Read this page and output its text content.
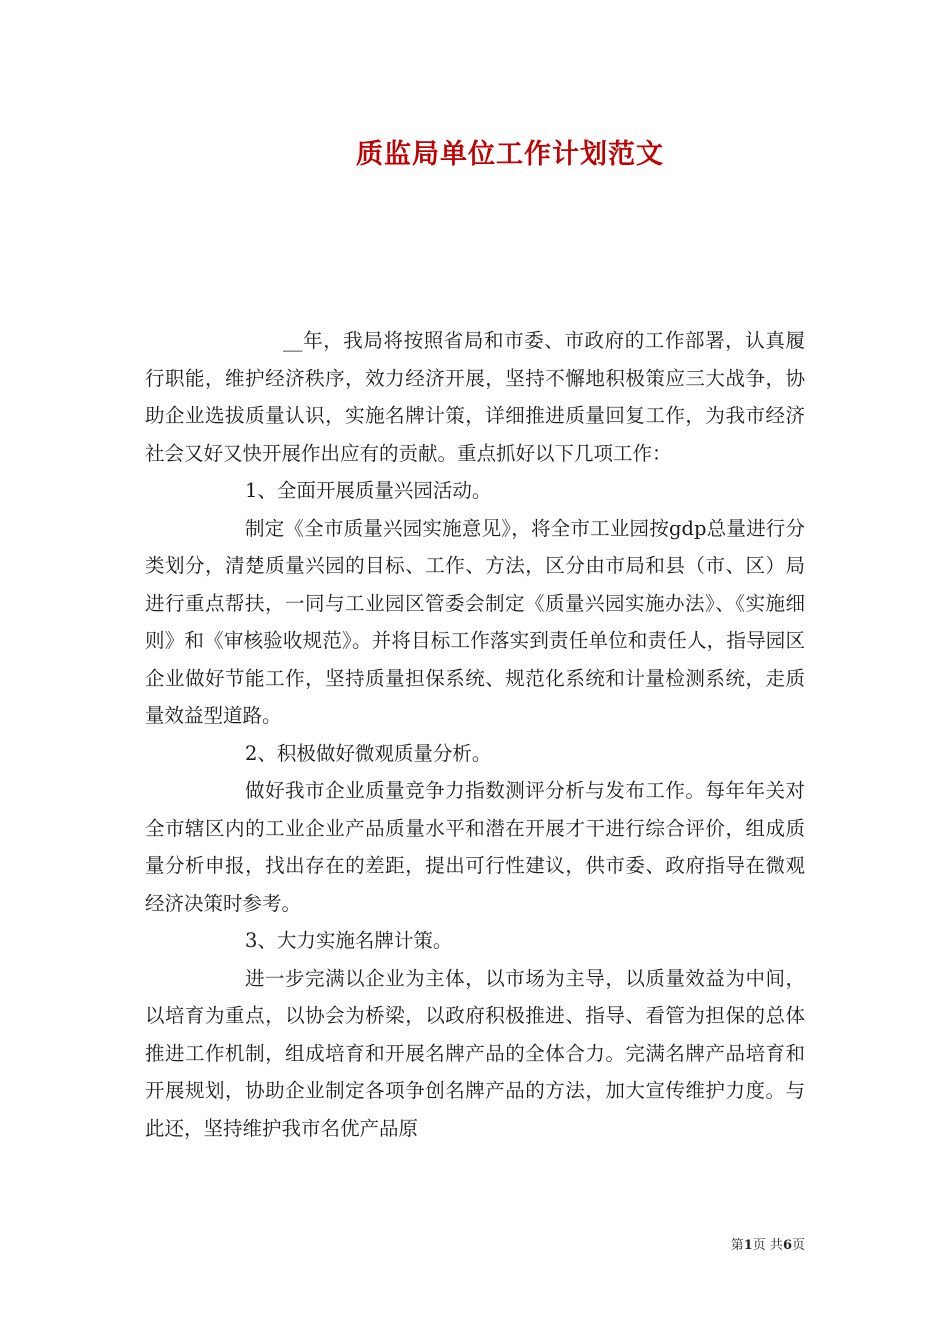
质监局单位工作计划范文

__年，我局将按照省局和市委、市政府的工作部署，认真履行职能，维护经济秩序，效力经济开展，坚持不懈地积极策应三大战争，协助企业选拔质量认识，实施名牌计策，详细推进质量回复工作，为我市经济社会又好又快开展作出应有的贡献。重点抓好以下几项工作：

1、全面开展质量兴园活动。

制定《全市质量兴园实施意见》，将全市工业园按gdp总量进行分类划分，清楚质量兴园的目标、工作、方法，区分由市局和县（市、区）局进行重点帮扶，一同与工业园区管委会制定《质量兴园实施办法》、《实施细则》和《审核验收规范》。并将目标工作落实到责任单位和责任人，指导园区企业做好节能工作，坚持质量担保系统、规范化系统和计量检测系统，走质量效益型道路。

2、积极做好微观质量分析。

做好我市企业质量竞争力指数测评分析与发布工作。每年年关对全市辖区内的工业企业产品质量水平和潜在开展才干进行综合评价，组成质量分析申报，找出存在的差距，提出可行性建议，供市委、政府指导在微观经济决策时参考。

3、大力实施名牌计策。

进一步完满以企业为主体，以市场为主导，以质量效益为中间，以培育为重点，以协会为桥梁，以政府积极推进、指导、看管为担保的总体推进工作机制，组成培育和开展名牌产品的全体合力。完满名牌产品培育和开展规划，协助企业制定各项争创名牌产品的方法，加大宣传维护力度。与此还，坚持维护我市名优产品原

第1页 共6页
